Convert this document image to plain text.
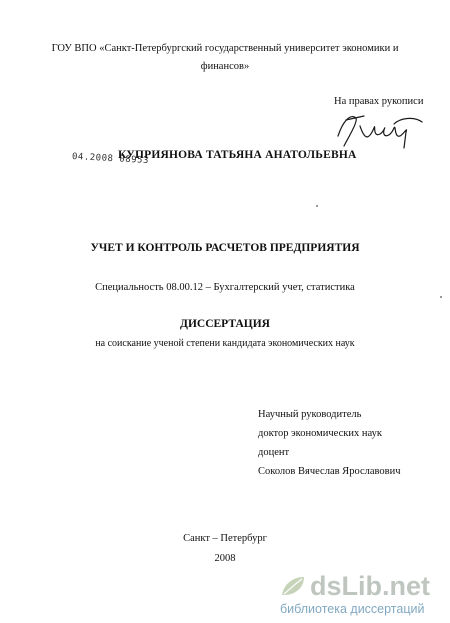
ГОУ ВПО «Санкт-Петербургский государственный университет экономики и финансов»
На правах рукописи
04.2008 08953
КУПРИЯНОВА ТАТЬЯНА АНАТОЛЬЕВНА
УЧЕТ И КОНТРОЛЬ РАСЧЕТОВ ПРЕДПРИЯТИЯ
Специальность 08.00.12 – Бухгалтерский учет, статистика
ДИССЕРТАЦИЯ
на соискание ученой степени кандидата экономических наук
Научный руководитель
доктор экономических наук
доцент
Соколов Вячеслав Ярославович
Санкт – Петербург
2008
dsLib.net
библиотека диссертаций
